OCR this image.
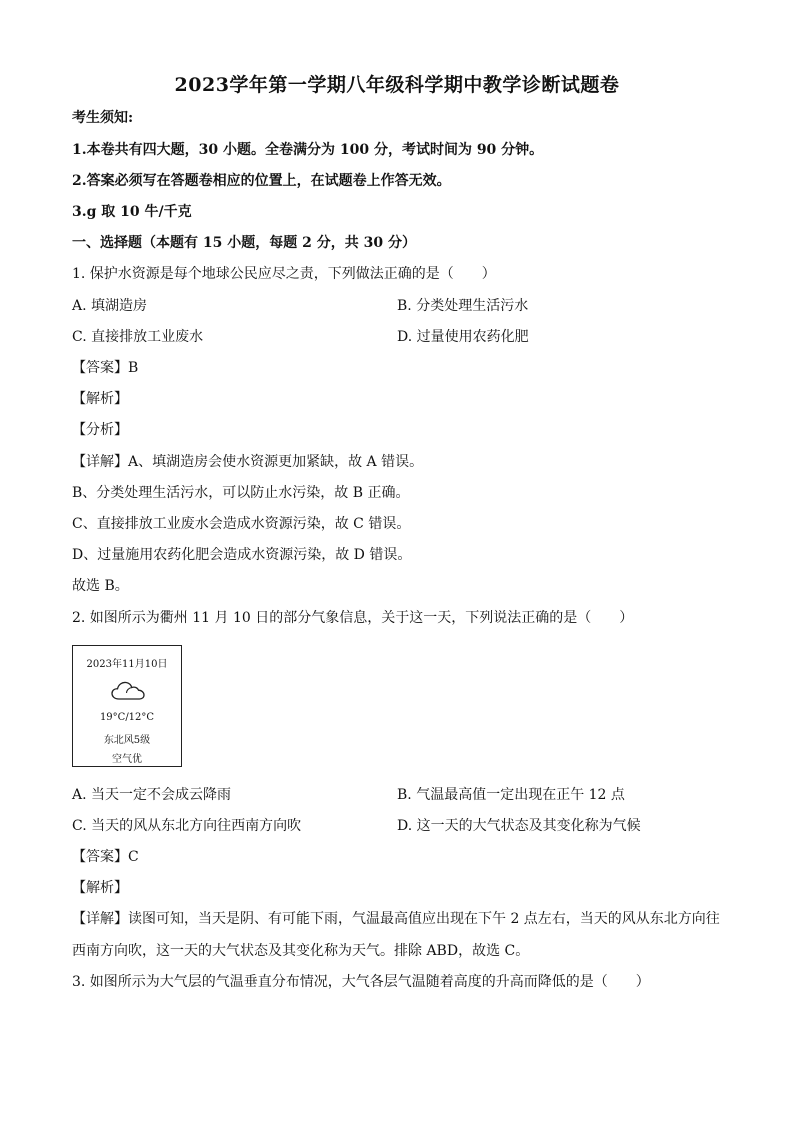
2023学年第一学期八年级科学期中教学诊断试题卷
考生须知:
1.本卷共有四大题，30 小题。全卷满分为 100 分，考试时间为 90 分钟。
2.答案必须写在答题卷相应的位置上，在试题卷上作答无效。
3.g 取 10 牛/千克
一、选择题（本题有 15 小题，每题 2 分，共 30 分）
1. 保护水资源是每个地球公民应尽之责，下列做法正确的是（　　）
A. 填湖造房	B. 分类处理生活污水
C. 直接排放工业废水	D. 过量使用农药化肥
【答案】B
【解析】
【分析】
【详解】A、填湖造房会使水资源更加紧缺，故 A 错误。
B、分类处理生活污水，可以防止水污染，故 B 正确。
C、直接排放工业废水会造成水资源污染，故 C 错误。
D、过量施用农药化肥会造成水资源污染，故 D 错误。
故选 B。
2. 如图所示为衢州 11 月 10 日的部分气象信息，关于这一天，下列说法正确的是（　　）
2023年11月10日
19°C/12°C
东北风5级
空气优
A. 当天一定不会成云降雨	B. 气温最高值一定出现在正午 12 点
C. 当天的风从东北方向往西南方向吹	D. 这一天的大气状态及其变化称为气候
【答案】C
【解析】
【详解】读图可知，当天是阴、有可能下雨，气温最高值应出现在下午 2 点左右，当天的风从东北方向往
西南方向吹，这一天的大气状态及其变化称为天气。排除 ABD，故选 C。
3. 如图所示为大气层的气温垂直分布情况，大气各层气温随着高度的升高而降低的是（　　）
